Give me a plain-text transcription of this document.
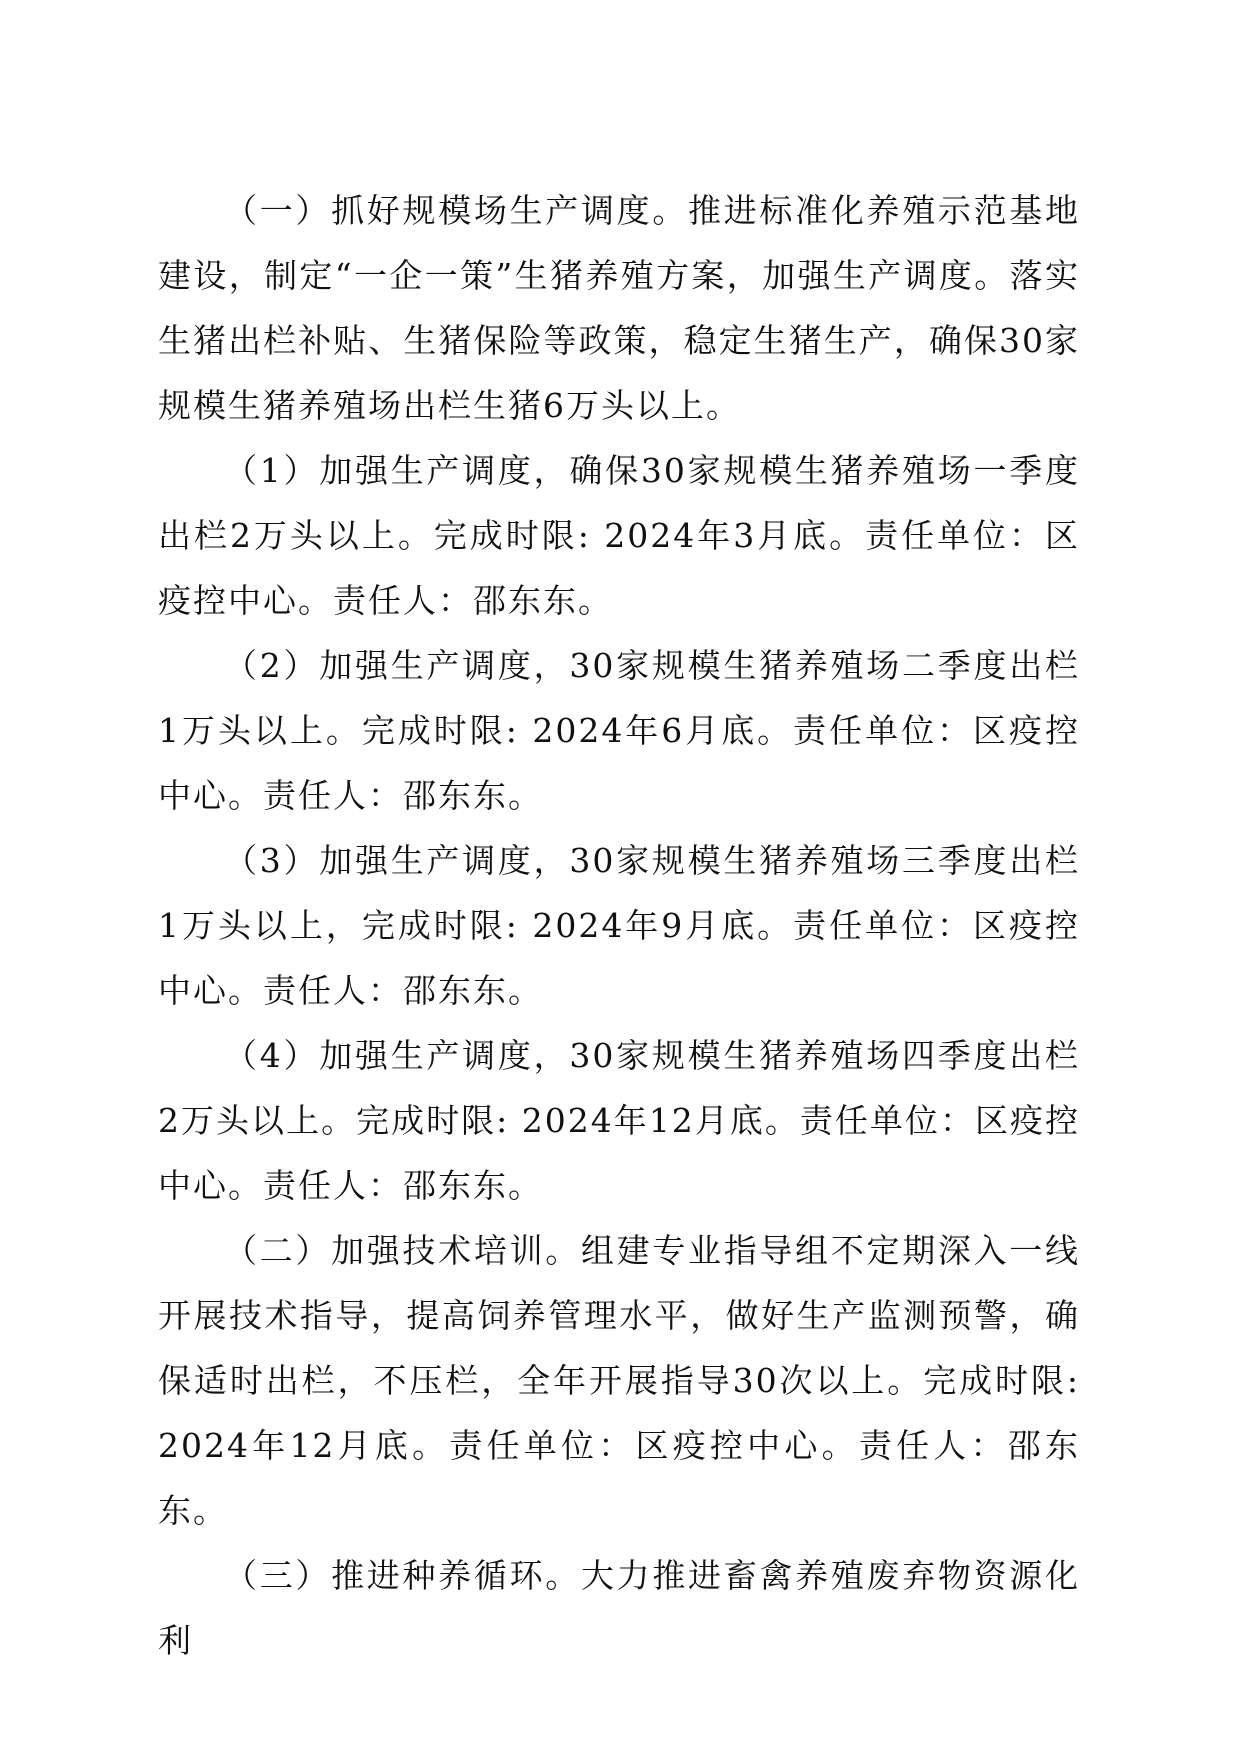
（一）抓好规模场生产调度。推进标准化养殖示范基地建设，制定“一企一策”生猪养殖方案，加强生产调度。落实生猪出栏补贴、生猪保险等政策，稳定生猪生产，确保30家规模生猪养殖场出栏生猪6万头以上。

（1）加强生产调度，确保30家规模生猪养殖场一季度出栏2万头以上。完成时限: 2024年3月底。责任单位：区疫控中心。责任人：邵东东。

（2）加强生产调度，30家规模生猪养殖场二季度出栏1万头以上。完成时限: 2024年6月底。责任单位：区疫控中心。责任人：邵东东。

（3）加强生产调度，30家规模生猪养殖场三季度出栏1万头以上，完成时限: 2024年9月底。责任单位：区疫控中心。责任人：邵东东。

（4）加强生产调度，30家规模生猪养殖场四季度出栏2万头以上。完成时限: 2024年12月底。责任单位：区疫控中心。责任人：邵东东。

（二）加强技术培训。组建专业指导组不定期深入一线开展技术指导，提高饲养管理水平，做好生产监测预警，确保适时出栏，不压栏，全年开展指导30次以上。完成时限: 2024年12月底。责任单位：区疫控中心。责任人：邵东东。

（三）推进种养循环。大力推进畜禽养殖废弃物资源化利
